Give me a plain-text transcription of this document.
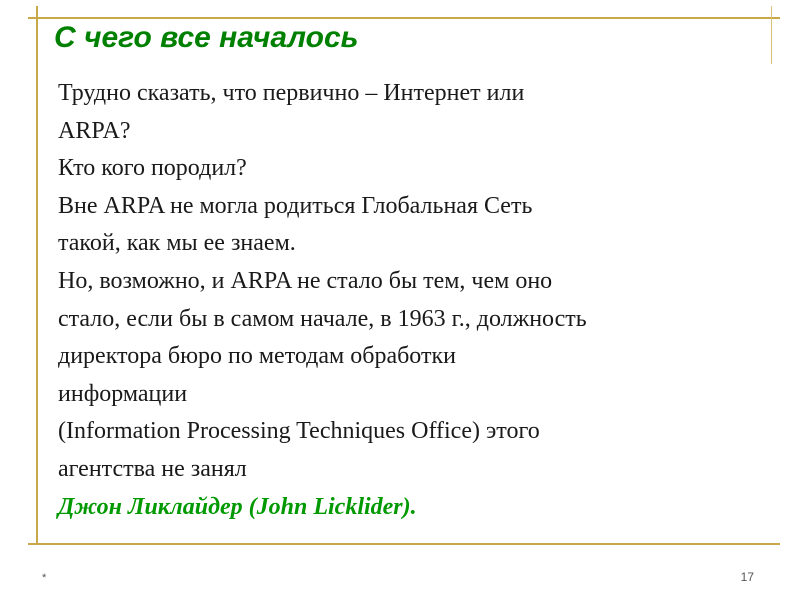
С чего все началось
Трудно сказать, что первично – Интернет или
ARPA?
Кто кого породил?
Вне ARPA не могла родиться Глобальная Сеть
такой, как мы ее знаем.
Но, возможно, и ARPA не стало бы тем, чем оно
стало, если бы в самом начале, в 1963 г., должность
директора бюро по методам обработки
информации
(Information Processing Techniques Office) этого
агентства не занял
Джон Ликлайдер (John Licklider).
*	17
